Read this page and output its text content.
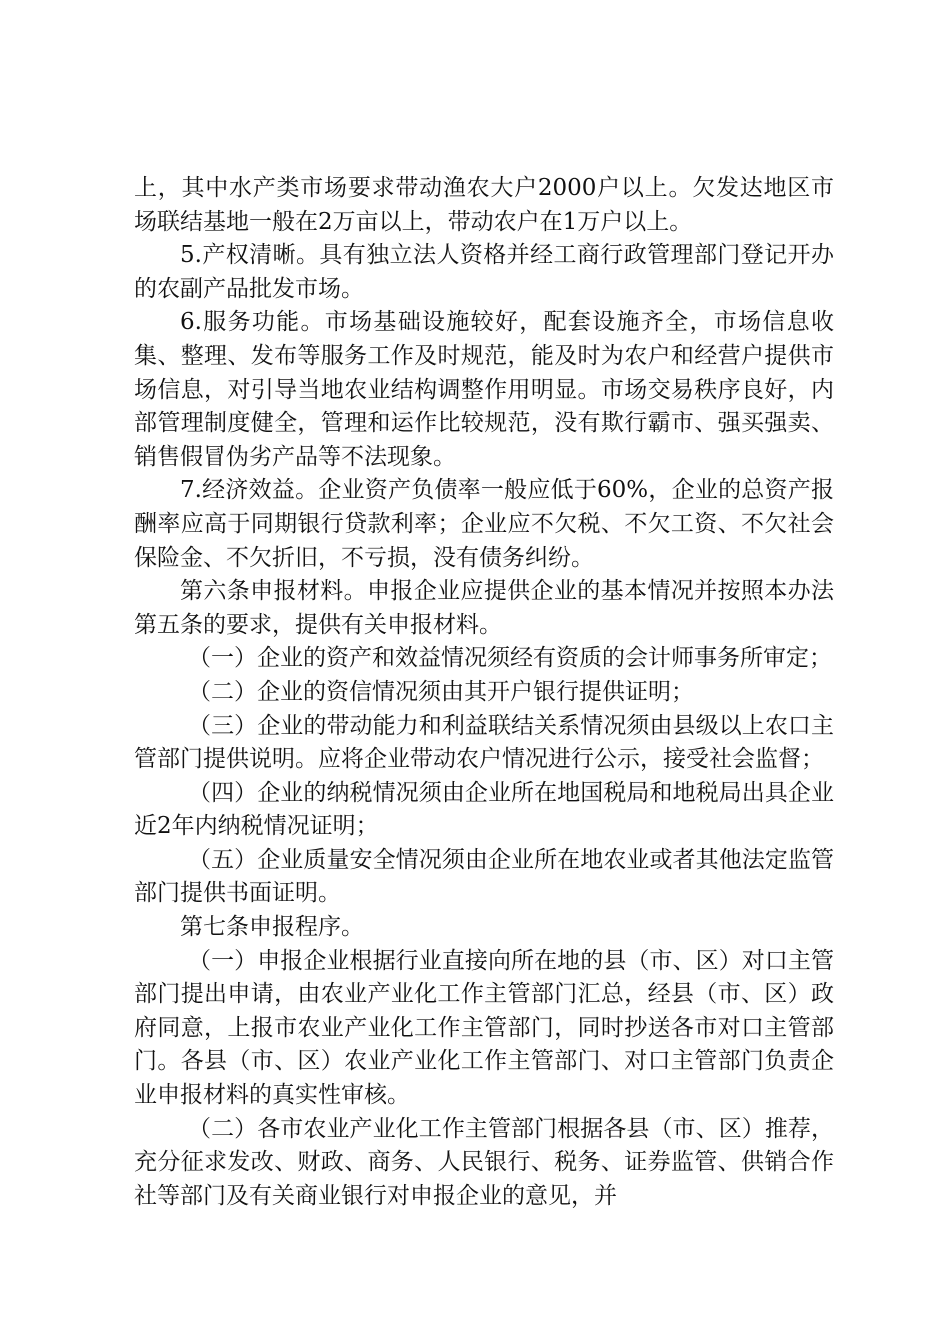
上，其中水产类市场要求带动渔农大户2000户以上。欠发达地区市场联结基地一般在2万亩以上，带动农户在1万户以上。

5.产权清晰。具有独立法人资格并经工商行政管理部门登记开办的农副产品批发市场。

6.服务功能。市场基础设施较好，配套设施齐全，市场信息收集、整理、发布等服务工作及时规范，能及时为农户和经营户提供市场信息，对引导当地农业结构调整作用明显。市场交易秩序良好，内部管理制度健全，管理和运作比较规范，没有欺行霸市、强买强卖、销售假冒伪劣产品等不法现象。

7.经济效益。企业资产负债率一般应低于60%，企业的总资产报酬率应高于同期银行贷款利率；企业应不欠税、不欠工资、不欠社会保险金、不欠折旧，不亏损，没有债务纠纷。

第六条申报材料。申报企业应提供企业的基本情况并按照本办法第五条的要求，提供有关申报材料。

（一）企业的资产和效益情况须经有资质的会计师事务所审定；

（二）企业的资信情况须由其开户银行提供证明；

（三）企业的带动能力和利益联结关系情况须由县级以上农口主管部门提供说明。应将企业带动农户情况进行公示，接受社会监督；

（四）企业的纳税情况须由企业所在地国税局和地税局出具企业近2年内纳税情况证明；

（五）企业质量安全情况须由企业所在地农业或者其他法定监管部门提供书面证明。

第七条申报程序。

（一）申报企业根据行业直接向所在地的县（市、区）对口主管部门提出申请，由农业产业化工作主管部门汇总，经县（市、区）政府同意，上报市农业产业化工作主管部门，同时抄送各市对口主管部门。各县（市、区）农业产业化工作主管部门、对口主管部门负责企业申报材料的真实性审核。

（二）各市农业产业化工作主管部门根据各县（市、区）推荐，充分征求发改、财政、商务、人民银行、税务、证券监管、供销合作社等部门及有关商业银行对申报企业的意见，并
